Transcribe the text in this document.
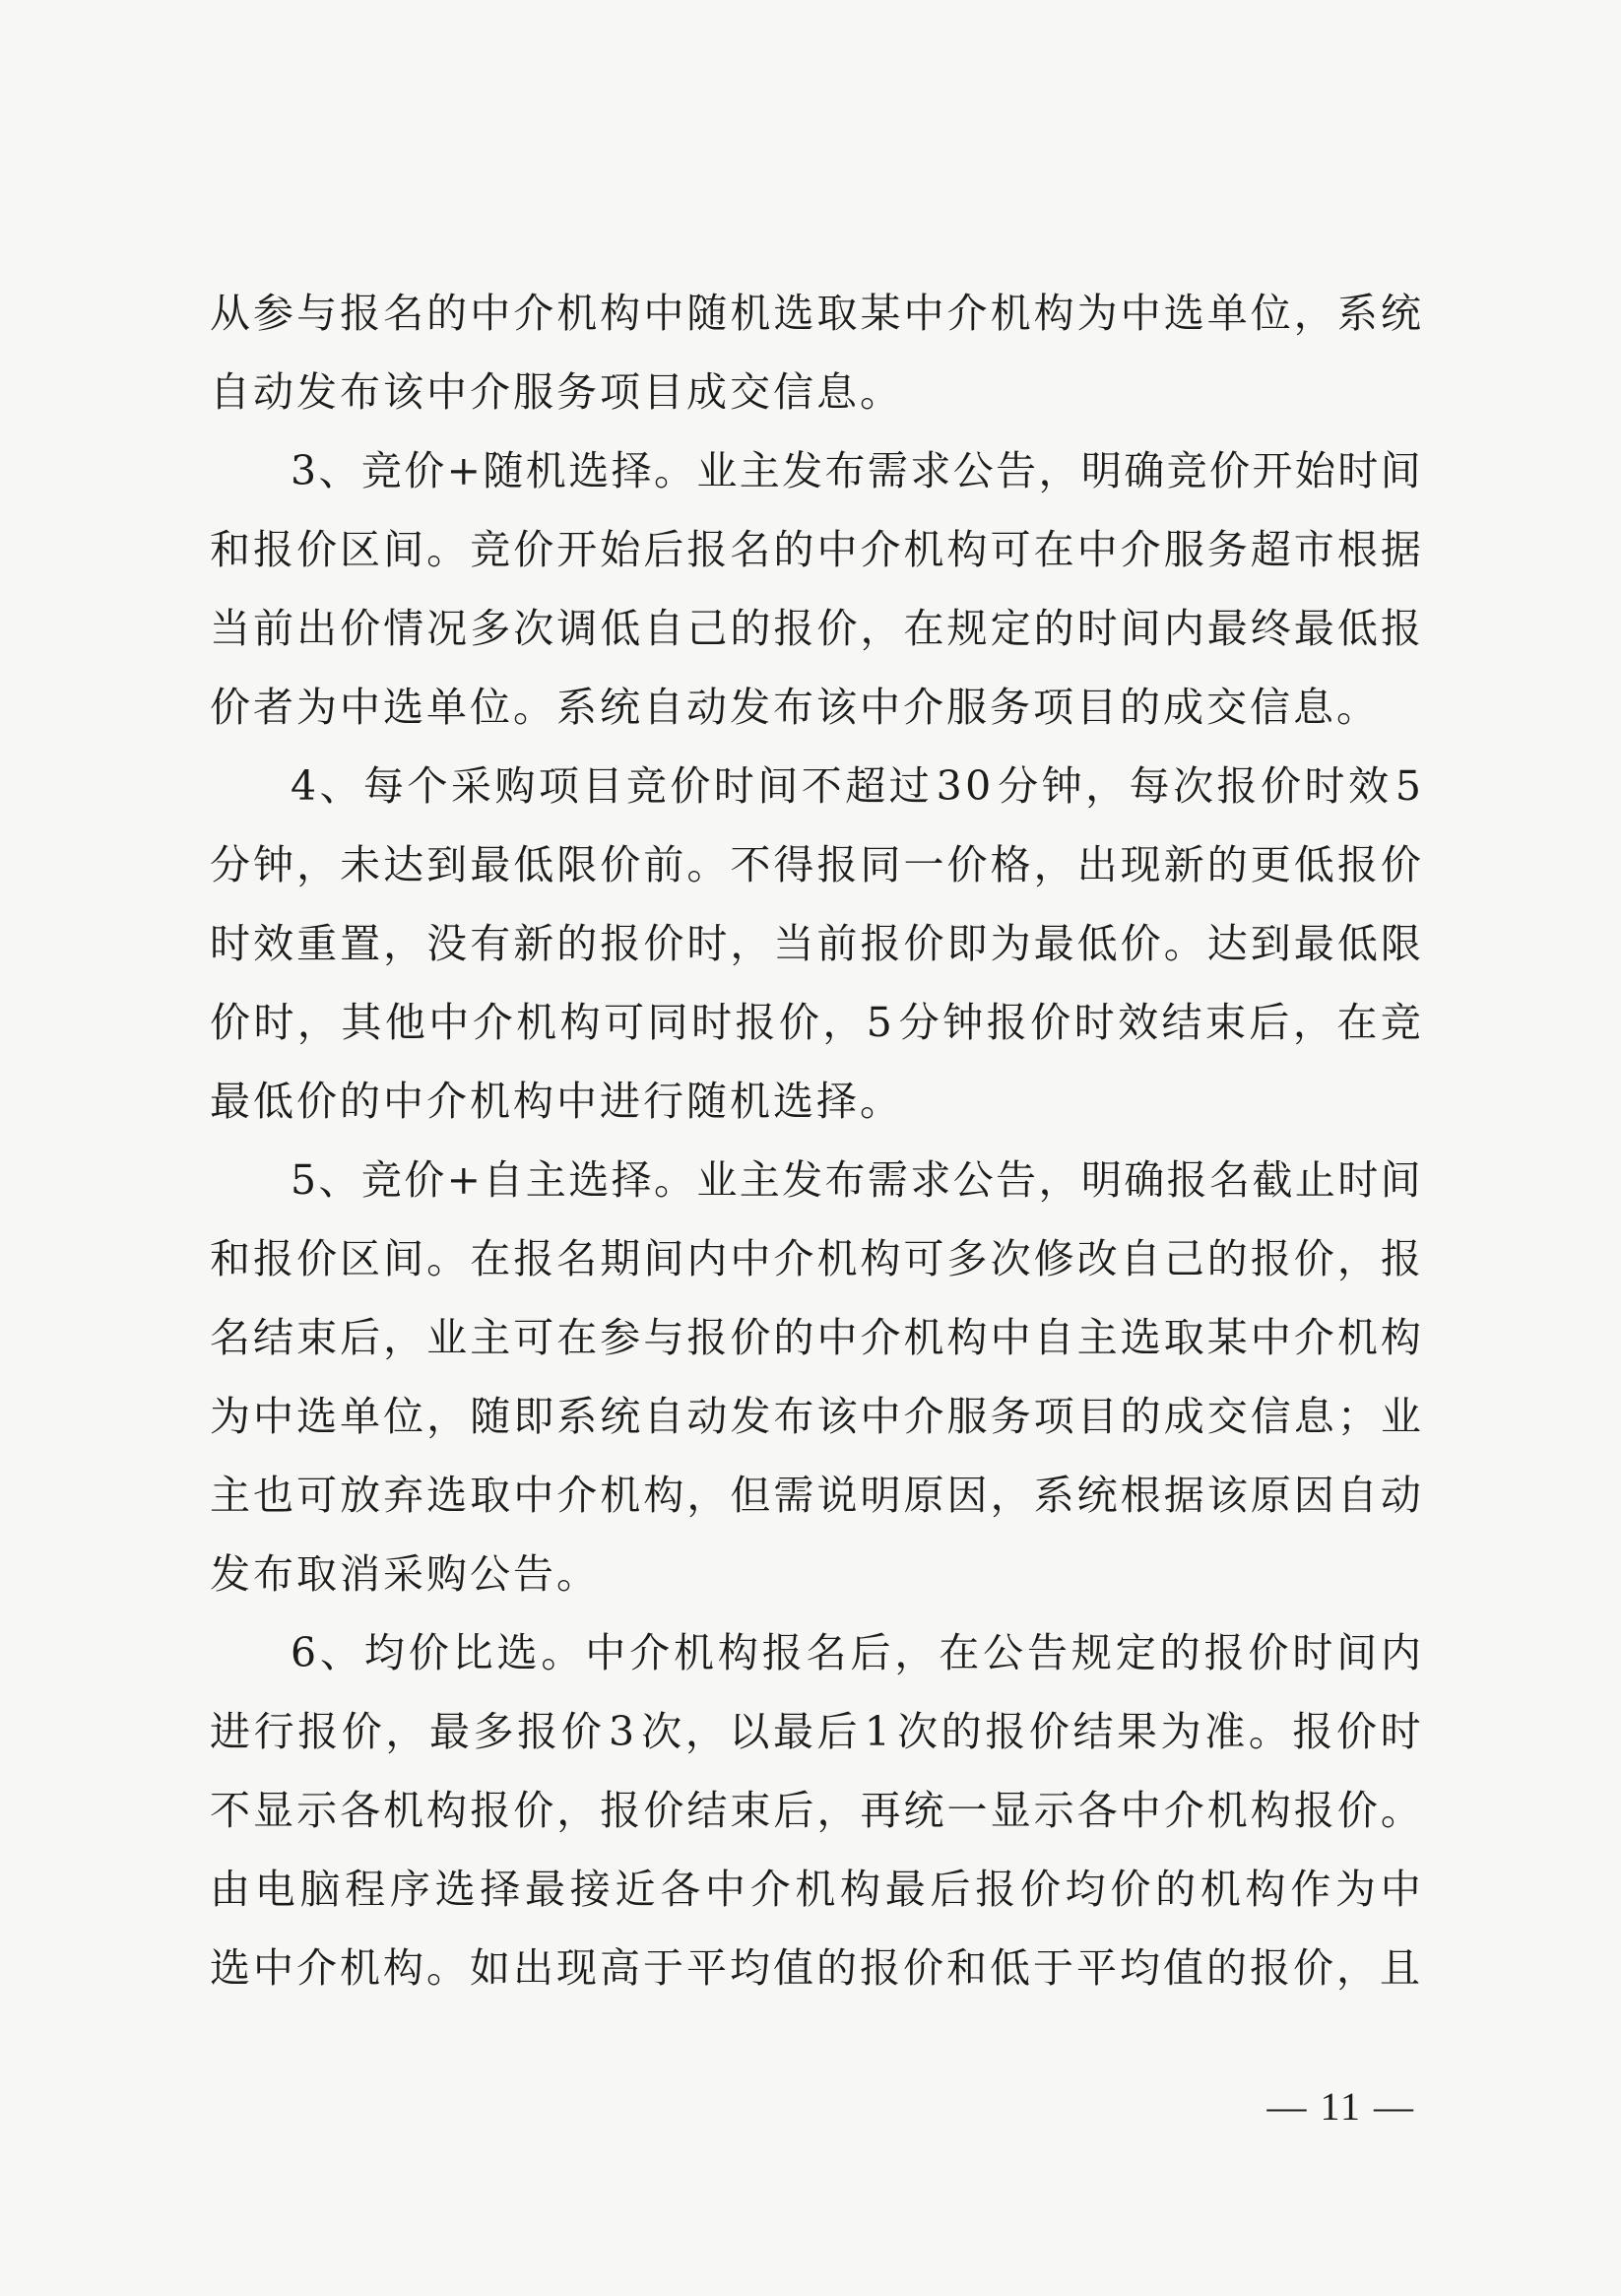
从 参 与 报 名 的 中 介 机 构 中 随 机 选 取 某 中 介 机 构 为 中 选 单 位 ， 系 统
自动发布该中介服务项目成交信息。
3 、 竞 价 + 随 机 选 择 。 业 主 发 布 需 求 公 告 ， 明 确 竞 价 开 始 时 间
和 报 价 区 间 。 竞 价 开 始 后 报 名 的 中 介 机 构 可 在 中 介 服 务 超 市 根 据
当 前 出 价 情 况 多 次 调 低 自 己 的 报 价 ， 在 规 定 的 时 间 内 最 终 最 低 报
价者为中选单位。系统自动发布该中介服务项目的成交信息。
4 、 每 个 采 购 项 目 竞 价 时 间 不 超 过 3 0 分 钟 ， 每 次 报 价 时 效 5
分 钟 ， 未 达 到 最 低 限 价 前 。 不 得 报 同 一 价 格 ， 出 现 新 的 更 低 报 价
时 效 重 置 ， 没 有 新 的 报 价 时 ， 当 前 报 价 即 为 最 低 价 。 达 到 最 低 限
价 时 ， 其 他 中 介 机 构 可 同 时 报 价 ， 5 分 钟 报 价 时 效 结 束 后 ， 在 竞
最低价的中介机构中进行随机选择。
5 、 竞 价 + 自 主 选 择 。 业 主 发 布 需 求 公 告 ， 明 确 报 名 截 止 时 间
和 报 价 区 间 。 在 报 名 期 间 内 中 介 机 构 可 多 次 修 改 自 己 的 报 价 ， 报
名 结 束 后 ， 业 主 可 在 参 与 报 价 的 中 介 机 构 中 自 主 选 取 某 中 介 机 构
为 中 选 单 位 ， 随 即 系 统 自 动 发 布 该 中 介 服 务 项 目 的 成 交 信 息 ； 业
主 也 可 放 弃 选 取 中 介 机 构 ， 但 需 说 明 原 因 ， 系 统 根 据 该 原 因 自 动
发布取消采购公告。
6 、 均 价 比 选 。 中 介 机 构 报 名 后 ， 在 公 告 规 定 的 报 价 时 间 内
进 行 报 价 ， 最 多 报 价 3 次 ， 以 最 后 1 次 的 报 价 结 果 为 准 。 报 价 时
不 显 示 各 机 构 报 价 ， 报 价 结 束 后 ， 再 统 一 显 示 各 中 介 机 构 报 价 。
由 电 脑 程 序 选 择 最 接 近 各 中 介 机 构 最 后 报 价 均 价 的 机 构 作 为 中
选中介机构。如出现高于平均值的报价和低于平均值的报价，且
— 11 —
